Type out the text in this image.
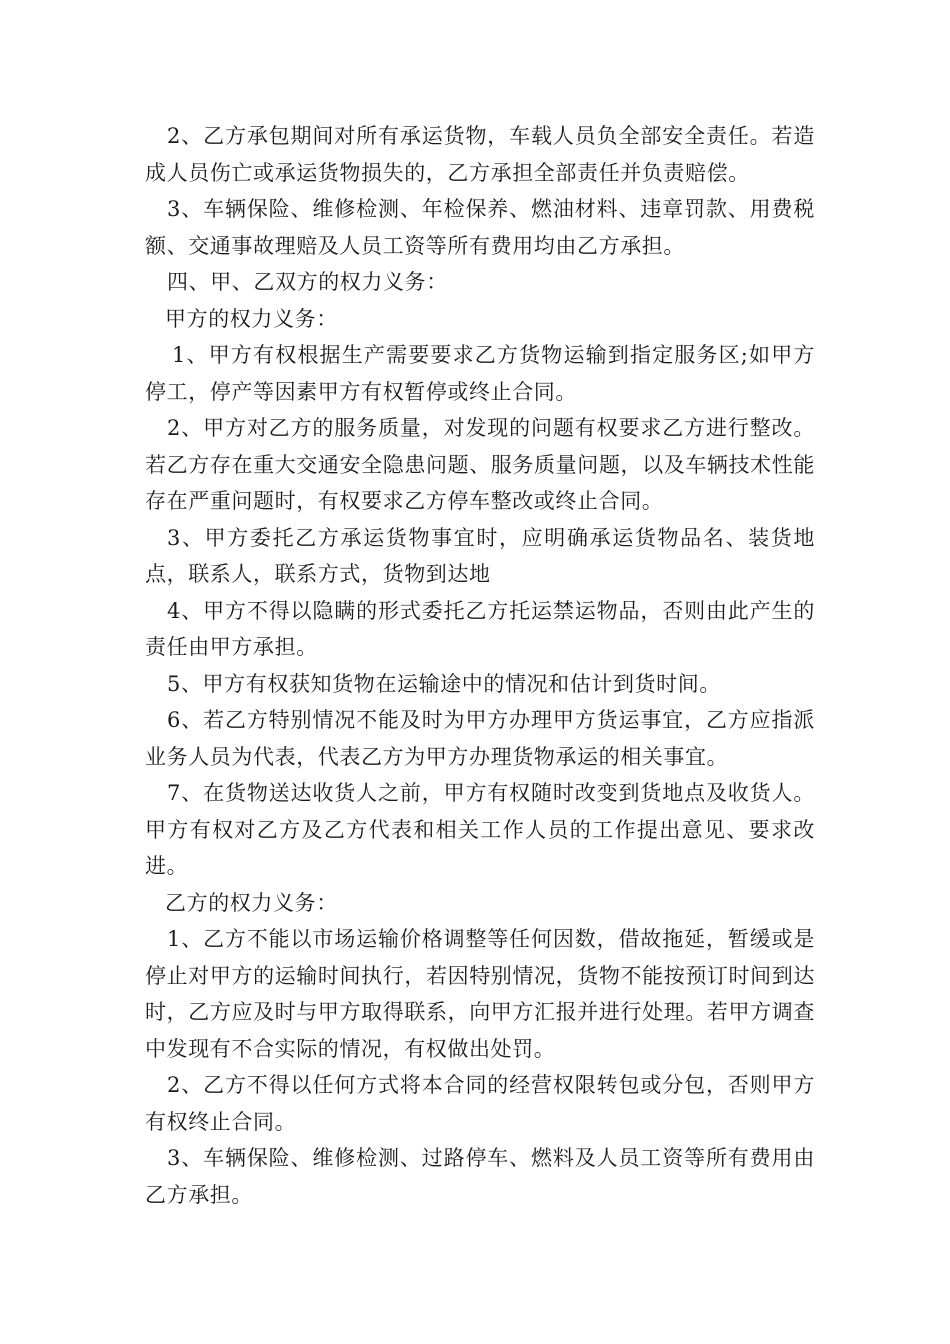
2、乙方承包期间对所有承运货物，车载人员负全部安全责任。若造成人员伤亡或承运货物损失的，乙方承担全部责任并负责赔偿。

3、车辆保险、维修检测、年检保养、燃油材料、违章罚款、用费税额、交通事故理赔及人员工资等所有费用均由乙方承担。

四、甲、乙双方的权力义务：

甲方的权力义务：

1、甲方有权根据生产需要要求乙方货物运输到指定服务区;如甲方停工，停产等因素甲方有权暂停或终止合同。

2、甲方对乙方的服务质量，对发现的问题有权要求乙方进行整改。若乙方存在重大交通安全隐患问题、服务质量问题，以及车辆技术性能存在严重问题时，有权要求乙方停车整改或终止合同。

3、甲方委托乙方承运货物事宜时，应明确承运货物品名、装货地点，联系人，联系方式，货物到达地

4、甲方不得以隐瞒的形式委托乙方托运禁运物品，否则由此产生的责任由甲方承担。

5、甲方有权获知货物在运输途中的情况和估计到货时间。

6、若乙方特别情况不能及时为甲方办理甲方货运事宜，乙方应指派业务人员为代表，代表乙方为甲方办理货物承运的相关事宜。

7、在货物送达收货人之前，甲方有权随时改变到货地点及收货人。甲方有权对乙方及乙方代表和相关工作人员的工作提出意见、要求改进。

乙方的权力义务：

1、乙方不能以市场运输价格调整等任何因数，借故拖延，暂缓或是停止对甲方的运输时间执行，若因特别情况，货物不能按预订时间到达时，乙方应及时与甲方取得联系，向甲方汇报并进行处理。若甲方调查中发现有不合实际的情况，有权做出处罚。

2、乙方不得以任何方式将本合同的经营权限转包或分包，否则甲方有权终止合同。

3、车辆保险、维修检测、过路停车、燃料及人员工资等所有费用由乙方承担。
